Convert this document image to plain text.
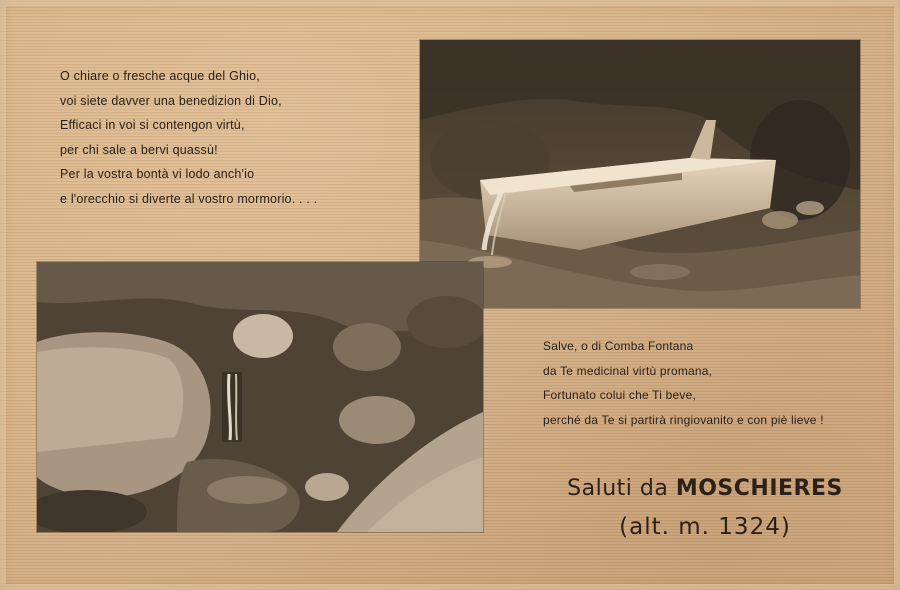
O chiare o fresche acque del Ghio,
voi siete davver una benedizion di Dio,
Efficaci in voi si contengon virtù,
per chi sale a bervi quassù!
Per la vostra bontà vi lodo anch'io
e l'orecchio si diverte al vostro mormorio. . . .
Salve, o di Comba Fontana
da Te medicinal virtù promana,
Fortunato colui che Ti beve,
perché da Te si partirà ringiovanito e con piè lieve !
Saluti da MOSCHIERES
(alt. m. 1324)
